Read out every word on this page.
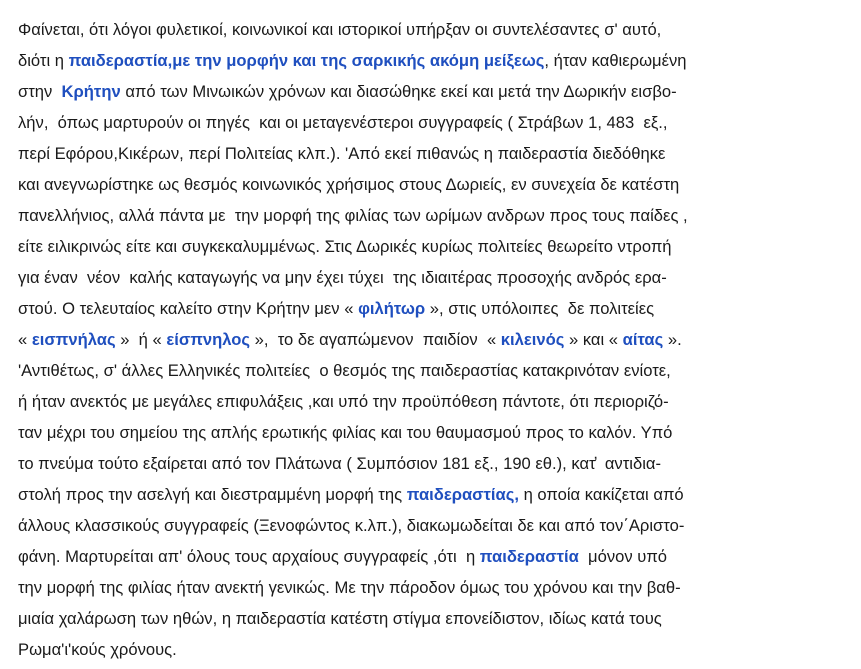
Φαίνεται, ότι λόγοι φυλετικοί, κοινωνικοί και ιστορικοί υπήρξαν οι συντελέσαντες σ' αυτό,
διότι η παιδεραστία,με την μορφήν και της σαρκικής ακόμη μείξεως, ήταν καθιερωμένη
στην  Κρήτην από των Μινωικών χρόνων και διασώθηκε εκεί και μετά την Δωρικήν εισβο-
λήν,  όπως μαρτυρούν οι πηγές  και οι μεταγενέστεροι συγγραφείς ( Στράβων 1, 483  εξ.,
περί Εφόρου,Κικέρων, περί Πολιτείας κλπ.). 'Από εκεί πιθανώς η παιδεραστία διεδόθηκε
και ανεγνωρίστηκε ως θεσμός κοινωνικός χρήσιμος στους Δωριείς, εν συνεχεία δε κατέστη
πανελλήνιος, αλλά πάντα με  την μορφή της φιλίας των ωρίμων ανδρων προς τους παίδες ,
είτε ειλικρινώς είτε και συγκεκαλυμμένως. Στις Δωρικές κυρίως πολιτείες θεωρείτο ντροπή
για έναν  νέον  καλής καταγωγής να μην έχει τύχει  της ιδιαιτέρας προσοχής ανδρός ερα-
στού. Ο τελευταίος καλείτο στην Κρήτην μεν « φιλήτωρ », στις υπόλοιπες  δε πολιτείες
« εισπνήλας »  ή « είσπνηλος »,  το δε αγαπώμενον  παιδίον  « κιλεινός » και « αίτας ».
'Αντιθέτως, σ' άλλες Ελληνικές πολιτείες  ο θεσμός της παιδεραστίας κατακρινόταν ενίοτε,
ή ήταν ανεκτός με μεγάλες επιφυλάξεις ,και υπό την προϋπόθεση πάντοτε, ότι περιοριζό-
ταν μέχρι του σημείου της απλής ερωτικής φιλίας και του θαυμασμού προς το καλόν. Υπό
το πνεύμα τούτο εξαίρεται από τον Πλάτωνα ( Συμπόσιον 181 εξ., 190 εθ.), κατ̕  αντιδια-
στολή προς την ασελγή και διεστραμμένη μορφή της παιδεραστίας, η οποία κακίζεται από
άλλους κλασσικούς συγγραφείς (Ξενοφώντος κ.λπ.), διακωμωδείται δε και από τον΄Αριστο-
φάνη. Μαρτυρείται απ' όλους τους αρχαίους συγγραφείς ,ότι  η παιδεραστία  μόνον υπό
την μορφή της φιλίας ήταν ανεκτή γενικώς. Με την πάροδον όμως του χρόνου και την βαθ-
μιαία χαλάρωση των ηθών, η παιδεραστία κατέστη στίγμα επονείδιστον, ιδίως κατά τους
Ρωμα'ι'κούς χρόνους.
